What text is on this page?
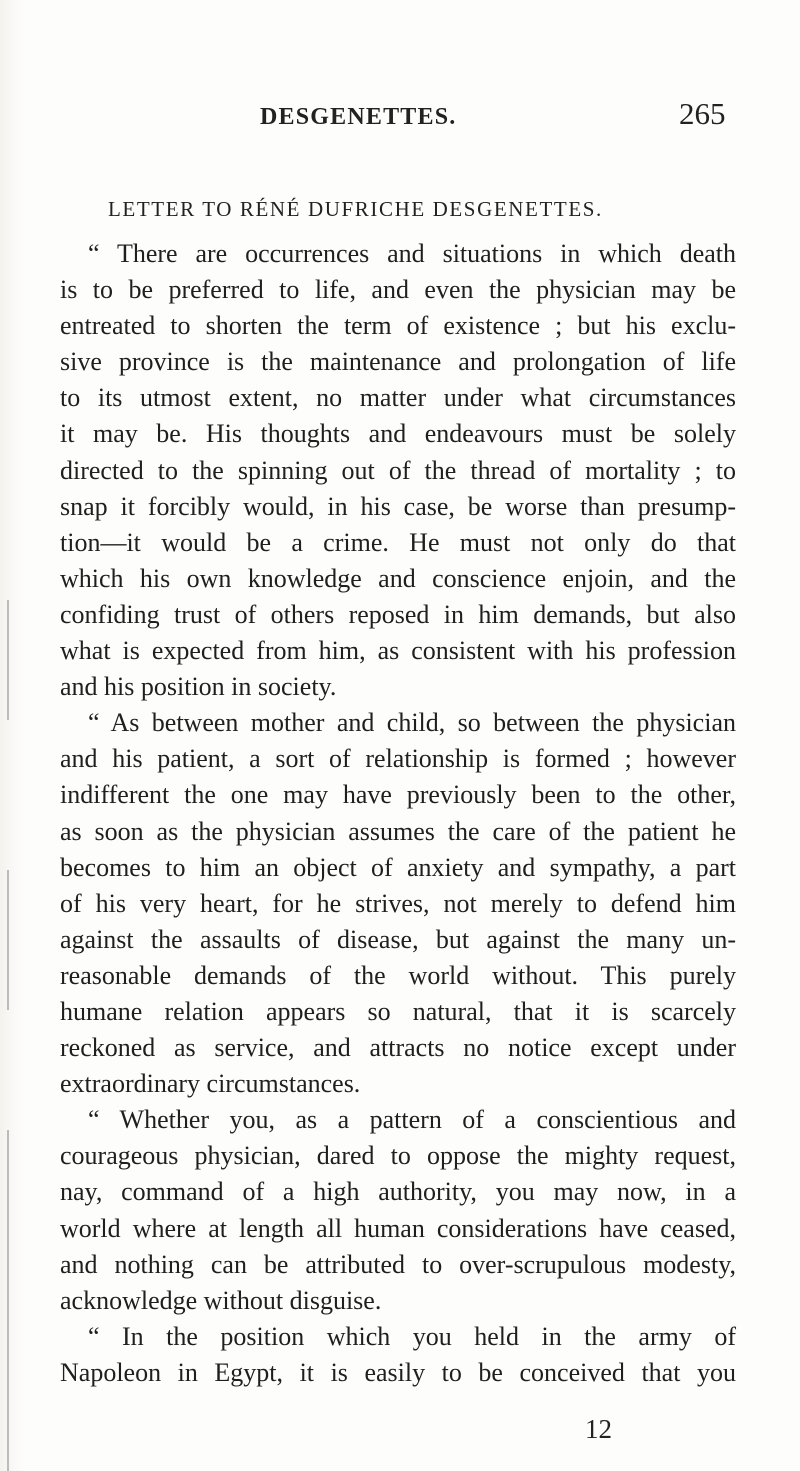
DESGENETTES.	265
LETTER TO RÉNÉ DUFRICHE DESGENETTES.
“ There are occurrences and situations in which death
is to be preferred to life, and even the physician may be
entreated to shorten the term of existence ; but his exclu-
sive province is the maintenance and prolongation of life
to its utmost extent, no matter under what circumstances
it may be. His thoughts and endeavours must be solely
directed to the spinning out of the thread of mortality ; to
snap it forcibly would, in his case, be worse than presump-
tion—it would be a crime. He must not only do that
which his own knowledge and conscience enjoin, and the
confiding trust of others reposed in him demands, but also
what is expected from him, as consistent with his profession
and his position in society.
“ As between mother and child, so between the physician
and his patient, a sort of relationship is formed ; however
indifferent the one may have previously been to the other,
as soon as the physician assumes the care of the patient he
becomes to him an object of anxiety and sympathy, a part
of his very heart, for he strives, not merely to defend him
against the assaults of disease, but against the many un-
reasonable demands of the world without. This purely
humane relation appears so natural, that it is scarcely
reckoned as service, and attracts no notice except under
extraordinary circumstances.
“ Whether you, as a pattern of a conscientious and
courageous physician, dared to oppose the mighty request,
nay, command of a high authority, you may now, in a
world where at length all human considerations have ceased,
and nothing can be attributed to over-scrupulous modesty,
acknowledge without disguise.
“ In the position which you held in the army of
Napoleon in Egypt, it is easily to be conceived that you
12
